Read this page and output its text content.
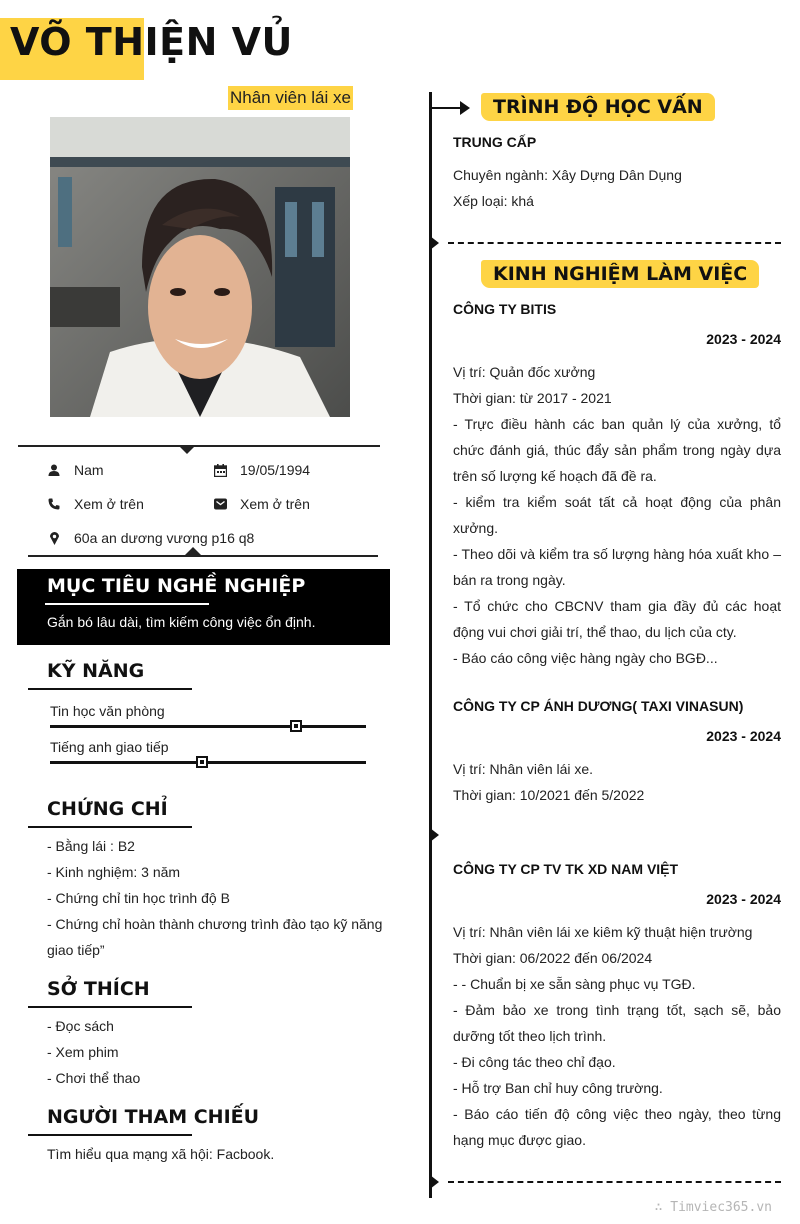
VÕ THIỆN VỦ
Nhân viên lái xe
Nam	19/05/1994
Xem ở trên	Xem ở trên
60a an dương vương p16 q8
MỤC TIÊU NGHỀ NGHIỆP

Gắn bó lâu dài, tìm kiếm công việc ổn định.

KỸ NĂNG
Tin học văn phòng
Tiếng anh giao tiếp
CHỨNG CHỈ
- Bằng lái : B2
- Kinh nghiệm: 3 năm
- Chứng chỉ tin học trình độ B
- Chứng chỉ hoàn thành chương trình đào tạo kỹ năng giao tiếp”
SỞ THÍCH
- Đọc sách
- Xem phim
- Chơi thể thao
NGƯỜI THAM CHIẾU
Tìm hiểu qua mạng xã hội: Facbook.
TRÌNH ĐỘ HỌC VẤN
TRUNG CẤP
Chuyên ngành: Xây Dựng Dân Dụng
Xếp loại: khá
KINH NGHIỆM LÀM VIỆC
CÔNG TY BITIS
2023 - 2024
Vị trí: Quản đốc xưởng
Thời gian: từ 2017 - 2021
- Trực điều hành các ban quản lý của xưởng, tổ chức đánh giá, thúc đẩy sản phẩm trong ngày dựa trên số lượng kế hoạch đã đề ra.
- kiểm tra kiểm soát tất cả hoạt động của phân xưởng.
- Theo dõi và kiểm tra số lượng hàng hóa xuất kho – bán ra trong ngày.
- Tổ chức cho CBCNV tham gia đầy đủ các hoạt động vui chơi giải trí, thể thao, du lịch của cty.
- Báo cáo công việc hàng ngày cho BGĐ...
CÔNG TY CP ÁNH DƯƠNG( TAXI VINASUN)
2023 - 2024
Vị trí: Nhân viên lái xe.
Thời gian: 10/2021 đến 5/2022
CÔNG TY CP TV TK XD NAM VIỆT
2023 - 2024
Vị trí: Nhân viên lái xe kiêm kỹ thuật hiện trường
Thời gian: 06/2022 đến 06/2024
- - Chuẩn bị xe sẵn sàng phục vụ TGĐ.
- Đảm bảo xe trong tình trạng tốt, sạch sẽ, bảo dưỡng tốt theo lịch trình.
- Đi công tác theo chỉ đạo.
- Hỗ trợ Ban chỉ huy công trường.
- Báo cáo tiến độ công việc theo ngày, theo từng hạng mục được giao.
∴ Timviec365.vn
